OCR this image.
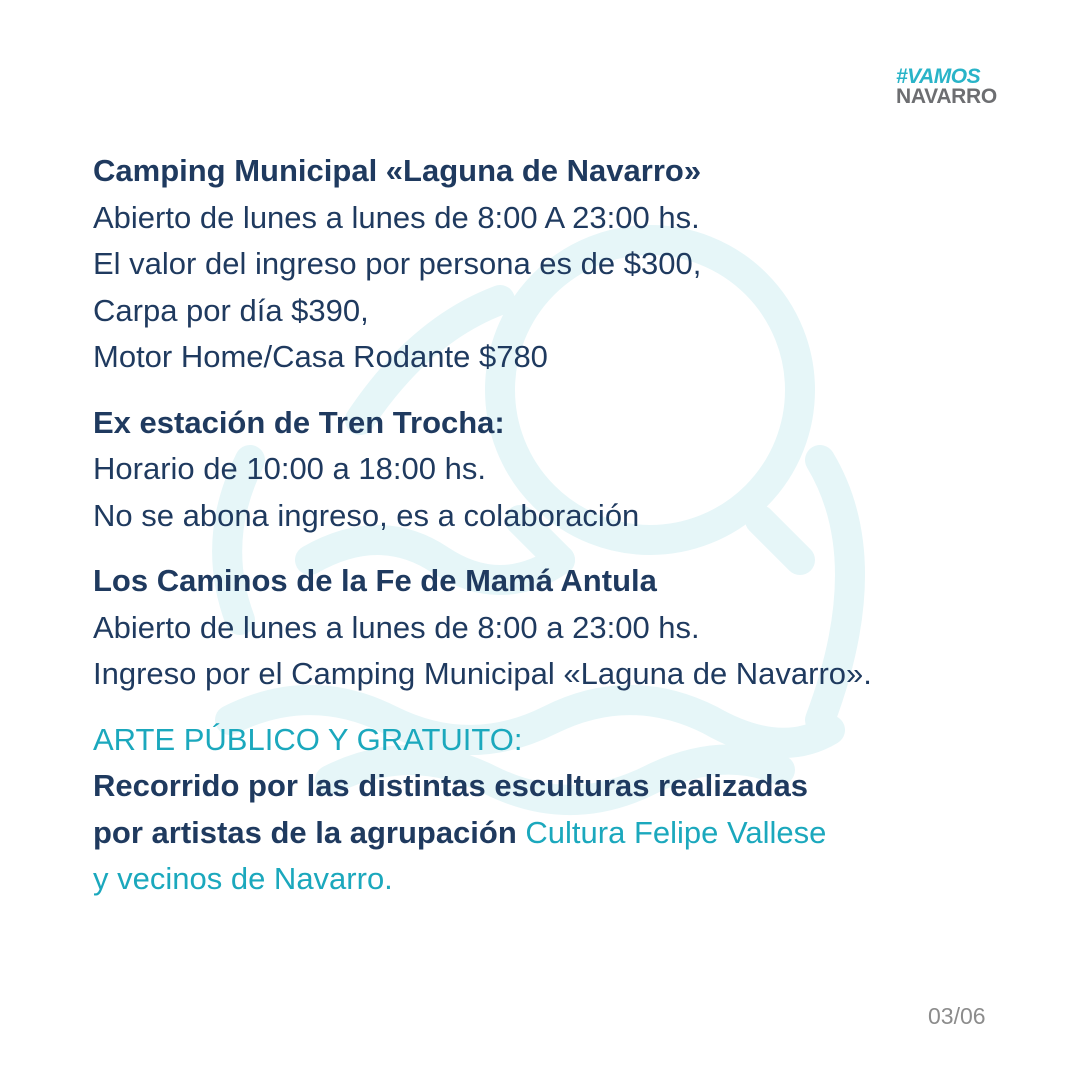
#VAMOS
NAVARRO
Camping Municipal «Laguna de Navarro»
Abierto de lunes a lunes de 8:00 A 23:00 hs.
El valor del ingreso por persona es de $300,
Carpa por día $390,
Motor Home/Casa Rodante $780
Ex estación de Tren Trocha:
Horario de 10:00 a 18:00 hs.
No se abona ingreso, es a colaboración
Los Caminos de la Fe de Mamá Antula
Abierto de lunes a lunes de 8:00 a 23:00 hs.
Ingreso por el Camping Municipal «Laguna de Navarro».
ARTE PÚBLICO Y GRATUITO:
Recorrido por las distintas esculturas realizadas
por artistas de la agrupación Cultura Felipe Vallese
y vecinos de Navarro.
03/06
